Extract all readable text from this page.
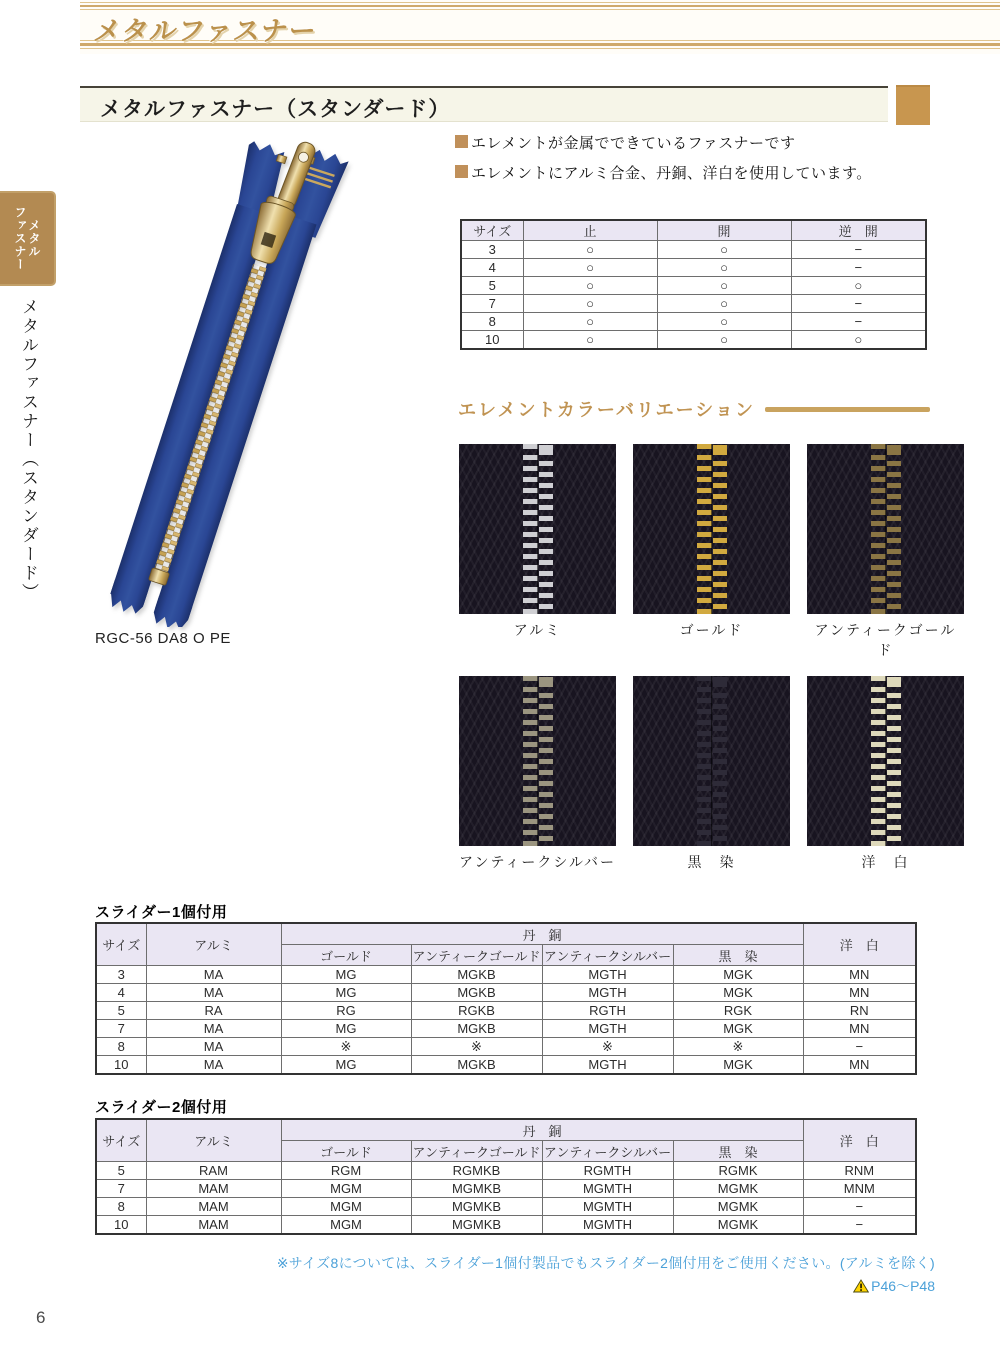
メタルファスナー
メタルファスナー（スタンダード）
メタル
ファスナー
メタルファスナー（スタンダード）
RGC-56 DA8 O PE
エレメントが金属でできているファスナーです
エレメントにアルミ合金、丹銅、洋白を使用しています。
サイズ	止	開	逆　開
3	○	○	−
4	○	○	−
5	○	○	○
7	○	○	−
8	○	○	−
10	○	○	○
エレメントカラーバリエーション
アルミ	ゴールド	アンティークゴールド
アンティークシルバー	黒　染	洋　白
スライダー1個付用
サイズ	アルミ	丹　銅				洋　白
		ゴールド	アンティークゴールド	アンティークシルバー	黒　染	
3	MA	MG	MGKB	MGTH	MGK	MN
4	MA	MG	MGKB	MGTH	MGK	MN
5	RA	RG	RGKB	RGTH	RGK	RN
7	MA	MG	MGKB	MGTH	MGK	MN
8	MA	※	※	※	※	−
10	MA	MG	MGKB	MGTH	MGK	MN
スライダー2個付用
サイズ	アルミ	丹　銅				洋　白
		ゴールド	アンティークゴールド	アンティークシルバー	黒　染	
5	RAM	RGM	RGMKB	RGMTH	RGMK	RNM
7	MAM	MGM	MGMKB	MGMTH	MGMK	MNM
8	MAM	MGM	MGMKB	MGMTH	MGMK	−
10	MAM	MGM	MGMKB	MGMTH	MGMK	−
※サイズ8については、スライダー1個付製品でもスライダー2個付用をご使用ください。(アルミを除く)
P46～P48
6
